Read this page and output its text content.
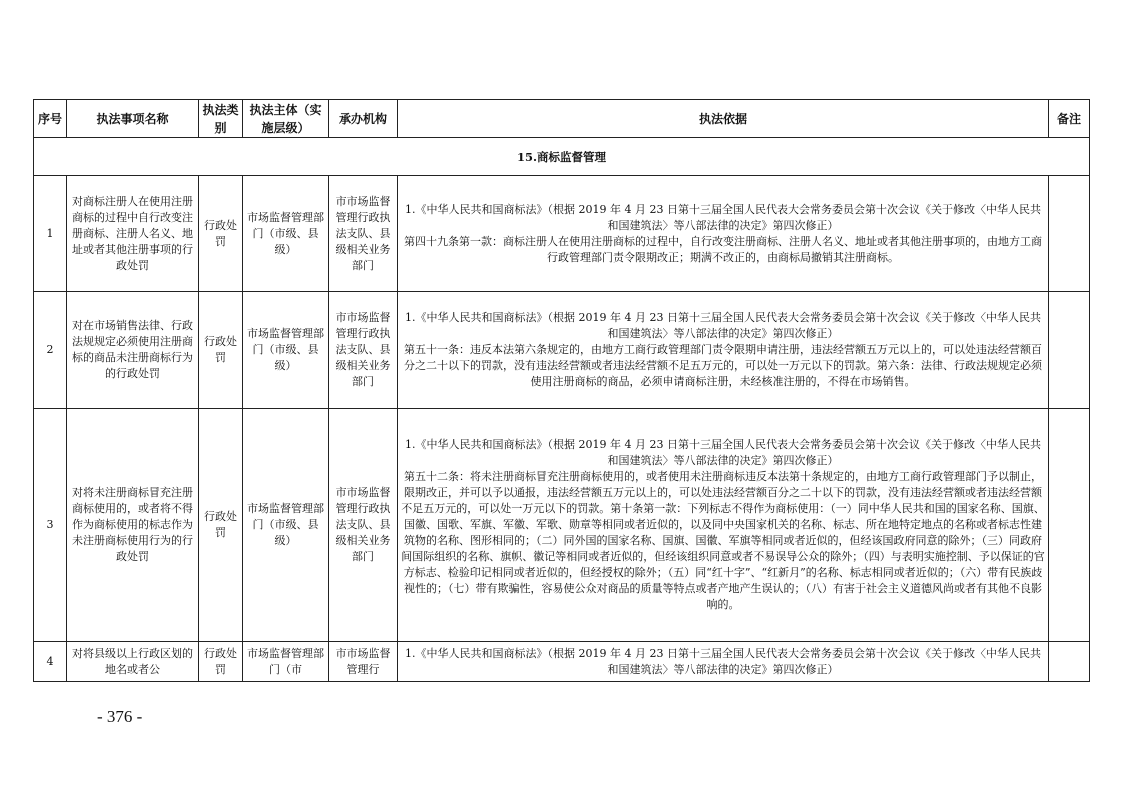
序号	执法事项名称	执法类别	执法主体（实施层级）	承办机构	执法依据	备注
15.商标监督管理						
1	对商标注册人在使用注册商标的过程中自行改变注册商标、注册人名义、地址或者其他注册事项的行政处罚	行政处罚	市场监督管理部门（市级、县级）	市市场监督管理行政执法支队、县级相关业务部门	1.《中华人民共和国商标法》（根据 2019 年 4 月 23 日第十三届全国人民代表大会常务委员会第十次会议《关于修改〈中华人民共和国建筑法〉等八部法律的决定》第四次修正）
第四十九条第一款：商标注册人在使用注册商标的过程中，自行改变注册商标、注册人名义、地址或者其他注册事项的，由地方工商行政管理部门责令限期改正；期满不改正的，由商标局撤销其注册商标。	

2	对在市场销售法律、行政法规规定必须使用注册商标的商品未注册商标行为的行政处罚	行政处罚	市场监督管理部门（市级、县级）	市市场监督管理行政执法支队、县级相关业务部门	1.《中华人民共和国商标法》（根据 2019 年 4 月 23 日第十三届全国人民代表大会常务委员会第十次会议《关于修改〈中华人民共和国建筑法〉等八部法律的决定》第四次修正）
第五十一条：违反本法第六条规定的，由地方工商行政管理部门责令限期申请注册，违法经营额五万元以上的，可以处违法经营额百分之二十以下的罚款，没有违法经营额或者违法经营额不足五万元的，可以处一万元以下的罚款。第六条：法律、行政法规规定必须使用注册商标的商品，必须申请商标注册，未经核准注册的，不得在市场销售。	

3	对将未注册商标冒充注册商标使用的，或者将不得作为商标使用的标志作为未注册商标使用行为的行政处罚	行政处罚	市场监督管理部门（市级、县级）	市市场监督管理行政执法支队、县级相关业务部门	1.《中华人民共和国商标法》（根据 2019 年 4 月 23 日第十三届全国人民代表大会常务委员会第十次会议《关于修改〈中华人民共和国建筑法〉等八部法律的决定》第四次修正）
第五十二条：将未注册商标冒充注册商标使用的，或者使用未注册商标违反本法第十条规定的，由地方工商行政管理部门予以制止，限期改正，并可以予以通报，违法经营额五万元以上的，可以处违法经营额百分之二十以下的罚款，没有违法经营额或者违法经营额不足五万元的，可以处一万元以下的罚款。第十条第一款：下列标志不得作为商标使用：（一）同中华人民共和国的国家名称、国旗、国徽、国歌、军旗、军徽、军歌、勋章等相同或者近似的，以及同中央国家机关的名称、标志、所在地特定地点的名称或者标志性建筑物的名称、图形相同的；（二）同外国的国家名称、国旗、国徽、军旗等相同或者近似的，但经该国政府同意的除外；（三）同政府间国际组织的名称、旗帜、徽记等相同或者近似的，但经该组织同意或者不易误导公众的除外；（四）与表明实施控制、予以保证的官方标志、检验印记相同或者近似的，但经授权的除外；（五）同“红十字”、“红新月”的名称、标志相同或者近似的；（六）带有民族歧视性的；（七）带有欺骗性，容易使公众对商品的质量等特点或者产地产生误认的；（八）有害于社会主义道德风尚或者有其他不良影响的。	

4	对将县级以上行政区划的地名或者公	行政处罚	市场监督管理部门（市	市市场监督管理行	1.《中华人民共和国商标法》（根据 2019 年 4 月 23 日第十三届全国人民代表大会常务委员会第十次会议《关于修改〈中华人民共和国建筑法〉等八部法律的决定》第四次修正）	

- 376 -
